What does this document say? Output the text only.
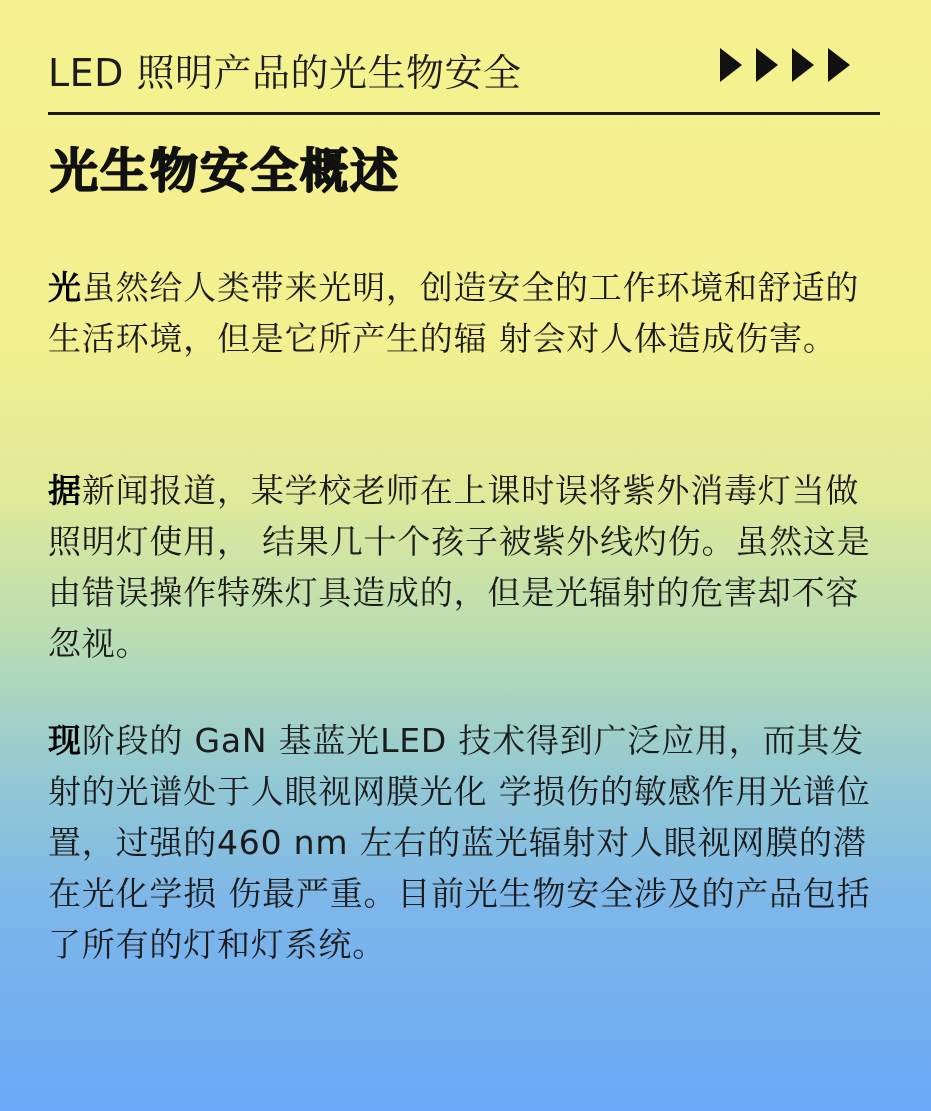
LED 照明产品的光生物安全
光生物安全概述

光虽然给人类带来光明，创造安全的工作环境和舒适的生活环境，但是它所产生的辐 射会对人体造成伤害。

据新闻报道，某学校老师在上课时误将紫外消毒灯当做照明灯使用， 结果几十个孩子被紫外线灼伤。虽然这是由错误操作特殊灯具造成的，但是光辐射的危害却不容忽视。

现阶段的 GaN 基蓝光LED 技术得到广泛应用，而其发射的光谱处于人眼视网膜光化 学损伤的敏感作用光谱位置，过强的460 nm 左右的蓝光辐射对人眼视网膜的潜在光化学损 伤最严重。目前光生物安全涉及的产品包括了所有的灯和灯系统。
